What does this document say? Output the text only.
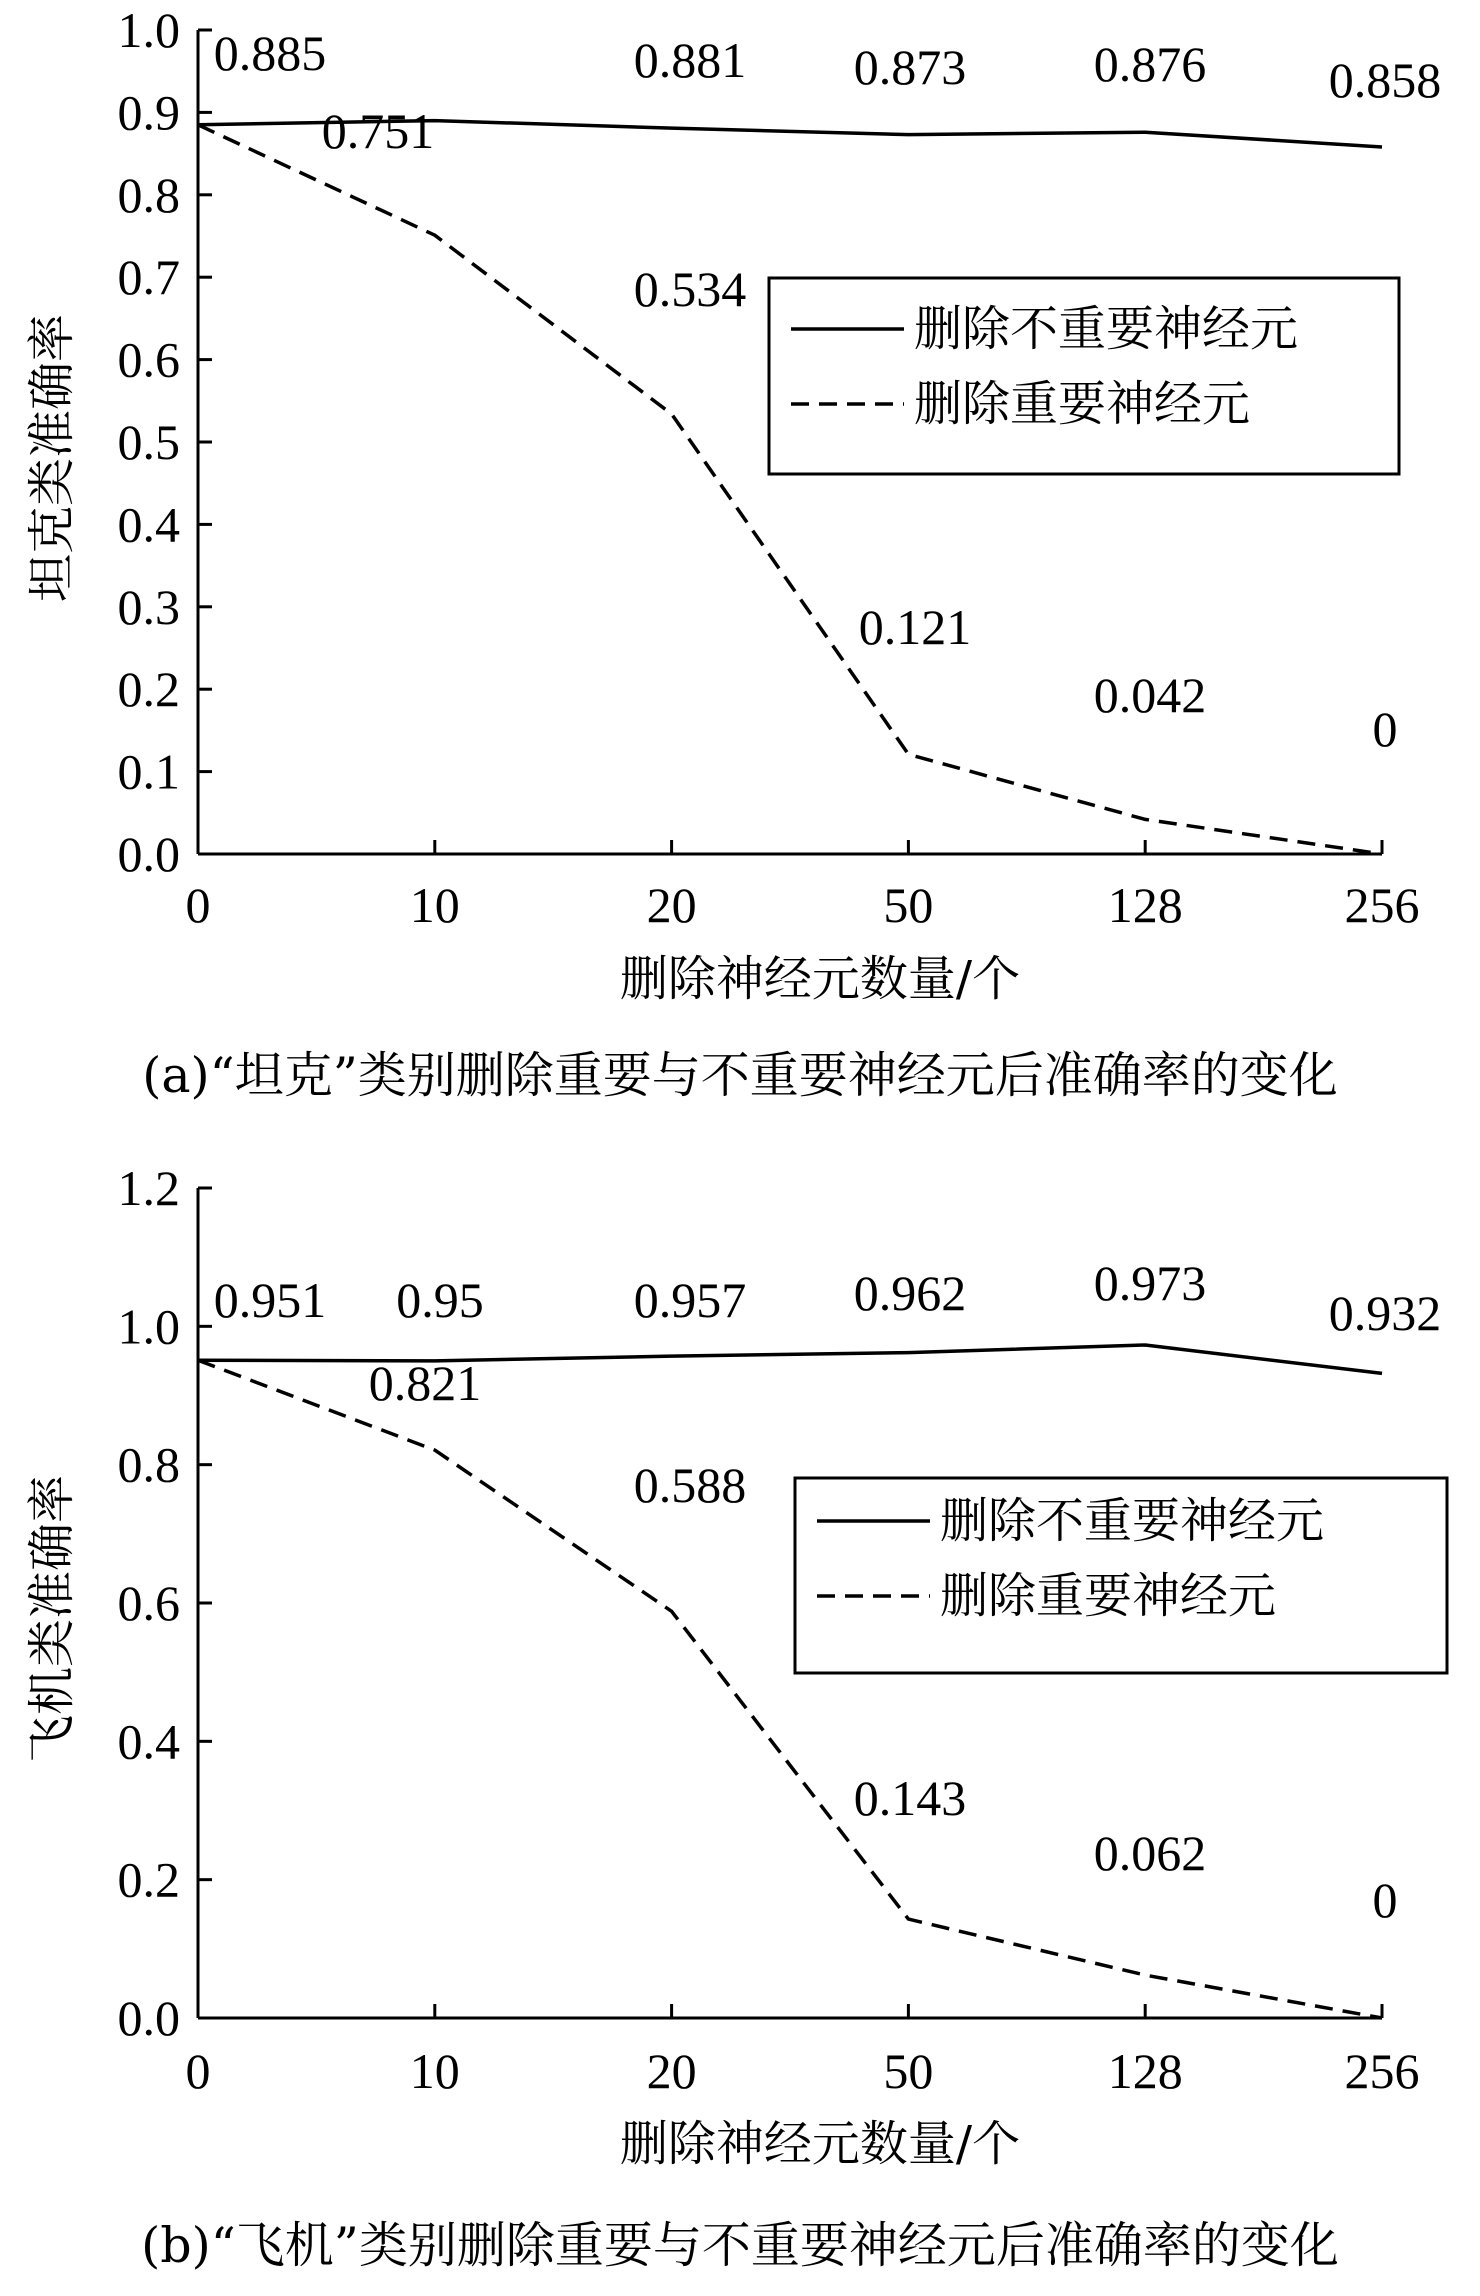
0.0
0.1
0.2
0.3
0.4
0.5
0.6
0.7
0.8
0.9
1.0
0	10	20	50	128	256
删除神经元数量/个
坦克类准确率
0.885	0.881 0.873	0.876 0.858
0.751
0.534
0.121
0.042
0
删除不重要神经元
删除重要神经元
(a)“坦克”类别删除重要与不重要神经元后准确率的变化
0.0
0.2
0.4
0.6
0.8
1.0
1.2
0	10	20	50	128	256
删除神经元数量/个
飞机类准确率
0.951 0.95	0.957 0.962	0.973
0.932
0.821
0.588
0.143
0.062
0
删除不重要神经元
删除重要神经元
(b)“飞机”类别删除重要与不重要神经元后准确率的变化
